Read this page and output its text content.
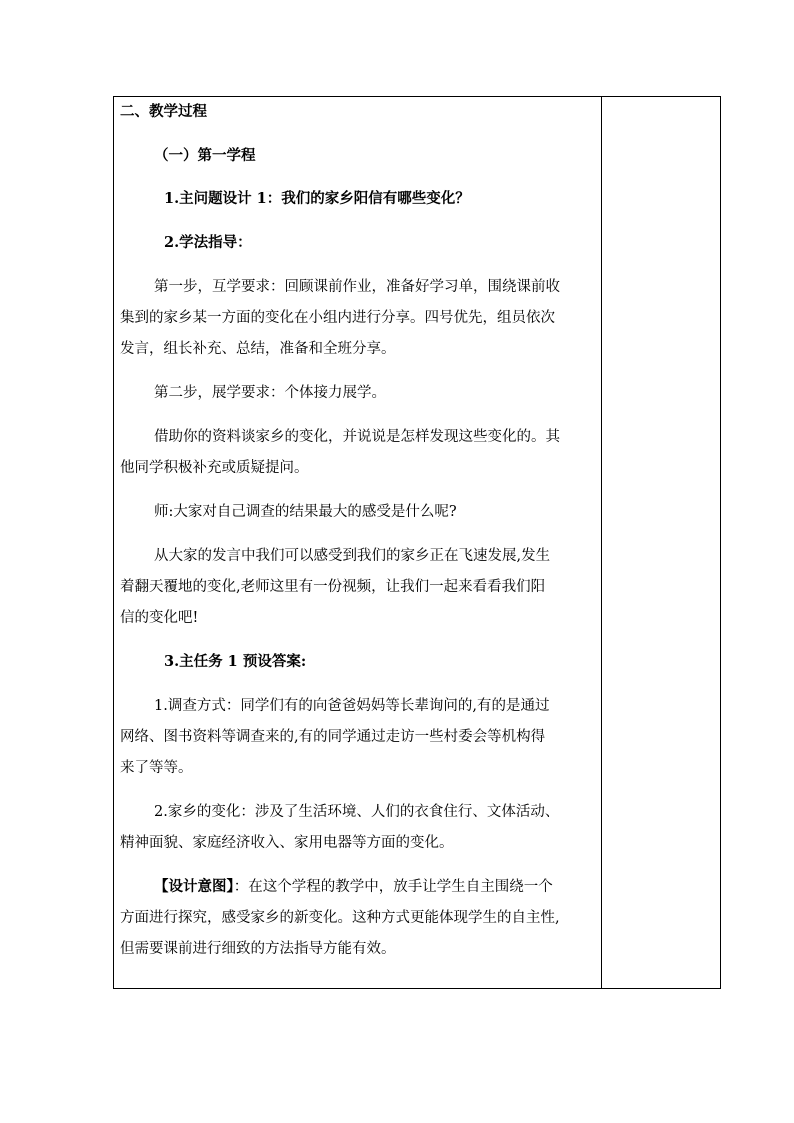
二、教学过程
（一）第一学程
1.主问题设计 1：我们的家乡阳信有哪些变化？
2.学法指导：
第一步，互学要求：回顾课前作业，准备好学习单，围绕课前收
集到的家乡某一方面的变化在小组内进行分享。四号优先，组员依次
发言，组长补充、总结，准备和全班分享。
第二步，展学要求：个体接力展学。
借助你的资料谈家乡的变化，并说说是怎样发现这些变化的。其
他同学积极补充或质疑提问。
师:大家对自己调查的结果最大的感受是什么呢?
从大家的发言中我们可以感受到我们的家乡正在飞速发展,发生
着翻天覆地的变化,老师这里有一份视频，让我们一起来看看我们阳
信的变化吧!
3.主任务 1 预设答案:
1.调查方式：同学们有的向爸爸妈妈等长辈询问的,有的是通过
网络、图书资料等调查来的,有的同学通过走访一些村委会等机构得
来了等等。
2.家乡的变化：涉及了生活环境、人们的衣食住行、文体活动、
精神面貌、家庭经济收入、家用电器等方面的变化。
【设计意图】：在这个学程的教学中，放手让学生自主围绕一个
方面进行探究，感受家乡的新变化。这种方式更能体现学生的自主性,
但需要课前进行细致的方法指导方能有效。
